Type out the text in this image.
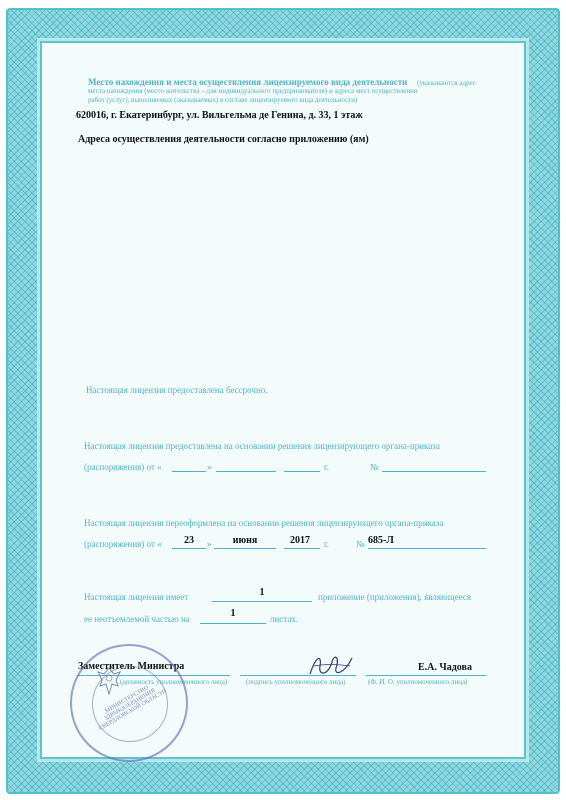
Место нахождения и места осуществления лицензируемого вида деятельности (указываются адрес
места нахождения (место жительства – для индивидуального предпринимателя) и адреса мест осуществления
работ (услуг), выполняемых (оказываемых) в составе лицензируемого вида деятельности)
620016, г. Екатеринбург, ул. Вильгельма де Генина, д. 33, 1 этаж
Адреса осуществления деятельности согласно приложению (ям)
Настоящая лицензия предоставлена бессрочно.
Настоящая лицензия предоставлена на основании решения лицензирующего органа-приказа
(распоряжения) от «	»	г.	№
Настоящая лицензия переоформлена на основании решения лицензирующего органа-приказа
(распоряжения) от «	23	»	июня	2017	г.	№ 685-Л
Настоящая лицензия имеет	1	приложение (приложения), являющееся
ее неотъемлемой частью на	1	листах.
Заместитель Министра
(должность уполномоченного лица)	(подпись уполномоченного лица)
Е.А. Чадова
(Ф. И. О. уполномоченного лица)
МИНИСТЕРСТВО ЗДРАВООХРАНЕНИЯ СВЕРДЛОВСКОЙ ОБЛАСТИ
